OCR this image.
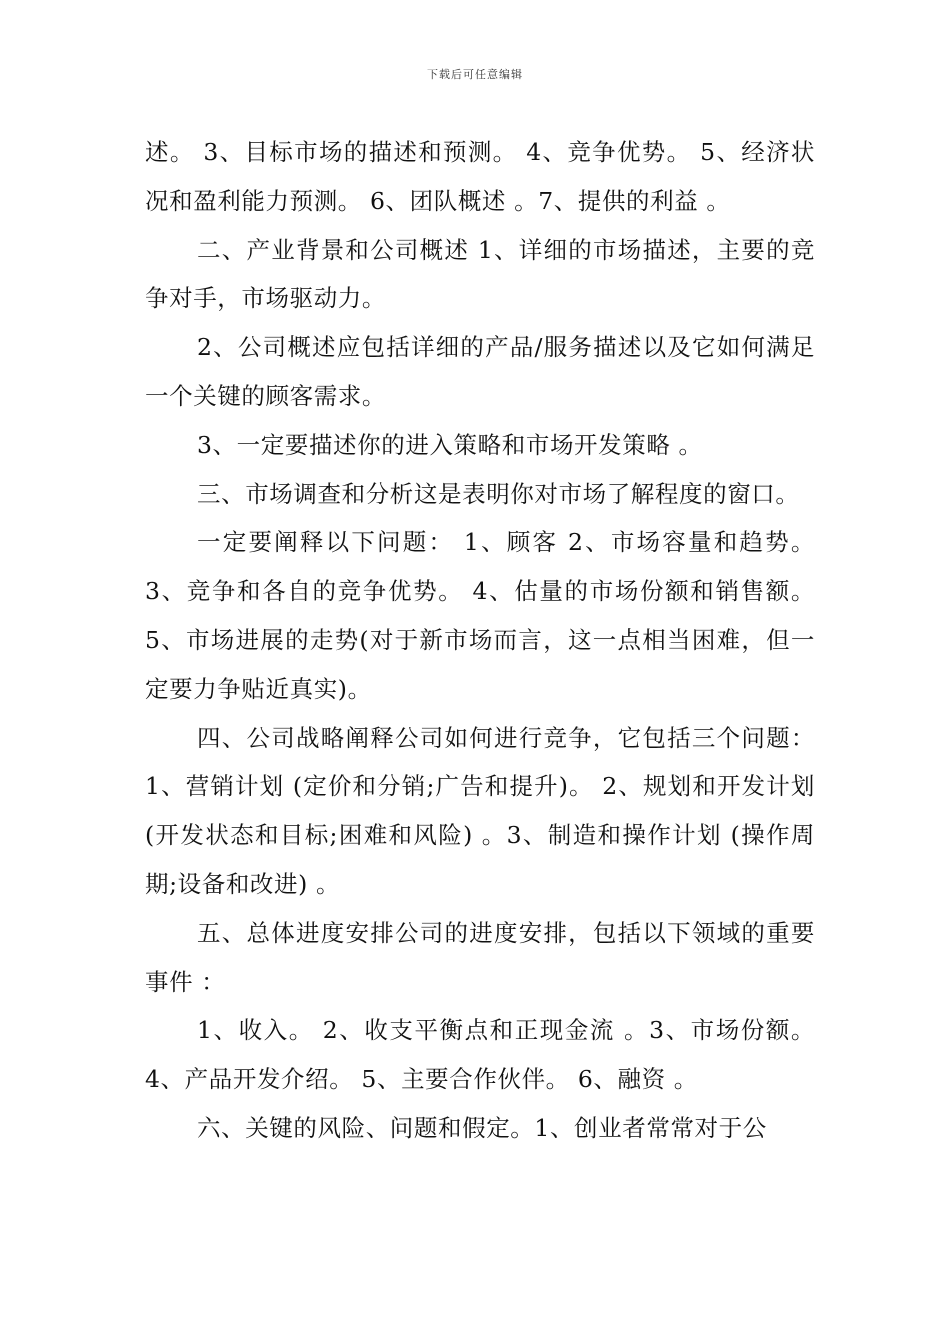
下载后可任意编辑

述。 3、目标市场的描述和预测。 4、竞争优势。 5、经济状况和盈利能力预测。 6、团队概述 。7、提供的利益 。

二、产业背景和公司概述 1、详细的市场描述，主要的竞争对手，市场驱动力。

2、公司概述应包括详细的产品/服务描述以及它如何满足一个关键的顾客需求。

3、一定要描述你的进入策略和市场开发策略 。

三、市场调查和分析这是表明你对市场了解程度的窗口。

一定要阐释以下问题： 1、顾客 2、市场容量和趋势。 3、竞争和各自的竞争优势。 4、估量的市场份额和销售额。 5、市场进展的走势(对于新市场而言，这一点相当困难，但一定要力争贴近真实)。

四、公司战略阐释公司如何进行竞争，它包括三个问题： 1、营销计划 (定价和分销;广告和提升)。 2、规划和开发计划(开发状态和目标;困难和风险) 。3、制造和操作计划 (操作周期;设备和改进) 。

五、总体进度安排公司的进度安排，包括以下领域的重要事件 ：

1、收入。 2、收支平衡点和正现金流 。3、市场份额。4、产品开发介绍。 5、主要合作伙伴。 6、融资 。

六、关键的风险、问题和假定。1、创业者常常对于公
